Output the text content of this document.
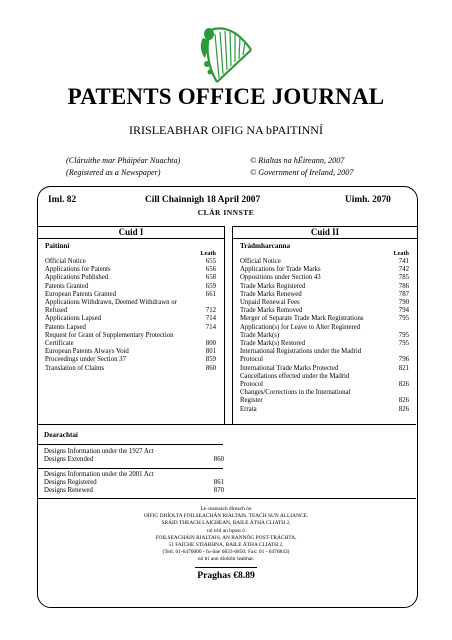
PATENTS OFFICE JOURNAL
IRISLEABHAR OIFIG NA bPAITINNÍ
(Cláruithe mar Pháipéar Nuachta)
(Registered as a Newspaper)
© Rialtas na hÉireann, 2007
© Government of Ireland, 2007
Iml. 82	Cill Chainnigh 18 April 2007	Uimh. 2070
CLÁR INNSTE
Cuid I
Paitinní
Leath
Official Notice	655
Applications for Patents	656
Applications Published	658
Patents Granted	659
European Patents Granted	661
Applications Withdrawn, Deemed Withdrawn or
Refused	712
Applications Lapsed	714
Patents Lapsed	714
Request for Grant of Supplementary Protection
Certificate	800
European Patents Always Void	801
Proceedings under Section 37	859
Translation of Claims	860
Cuid II
Trádmharcanna
Leath
Official Notice	741
Applications for Trade Marks	742
Oppositions under Section 43	785
Trade Marks Registered	786
Trade Marks Renewed	787
Unpaid Renewal Fees	790
Trade Marks Removed	794
Merger of Separate Trade Mark Registrations	795
Application(s) for Leave to Alter Registered
Trade Mark(s)	795
Trade Mark(s) Restored	795
International Registrations under the Madrid
Protocol	796
International Trade Marks Protected	821
Cancellations effected under the Madrid
Protocol	826
Changes/Corrections in the International
Register	826
Errata	826
Dearachtaí
Designs Information under the 1927 Act
Designs Extended	860
Designs Information under the 2001 Act
Designs Registered	861
Designs Renewed	870
Le ceannach díreach ón
OIFIG DHÍOLTA FOILSEACHÁN RIALTAIS, TEACH SUN ALLIANCE,
SRÁID THEACH LAIGHEAN, BAILE ÁTHA CLIATH 2,
nó tríd an bpost ó
FOILSEACHÁIN RIALTAIS, AN RANNÓG POST-TRÁCHTA,
51 FAICHE STIABHNA, BAILE ÁTHA CLIATH 2,
(Teil: 01-6476000 - fo-líne 6833-6850; Fax: 01 - 6476843)
nó trí aon díoltóir leabhar.
Praghas €8.89
